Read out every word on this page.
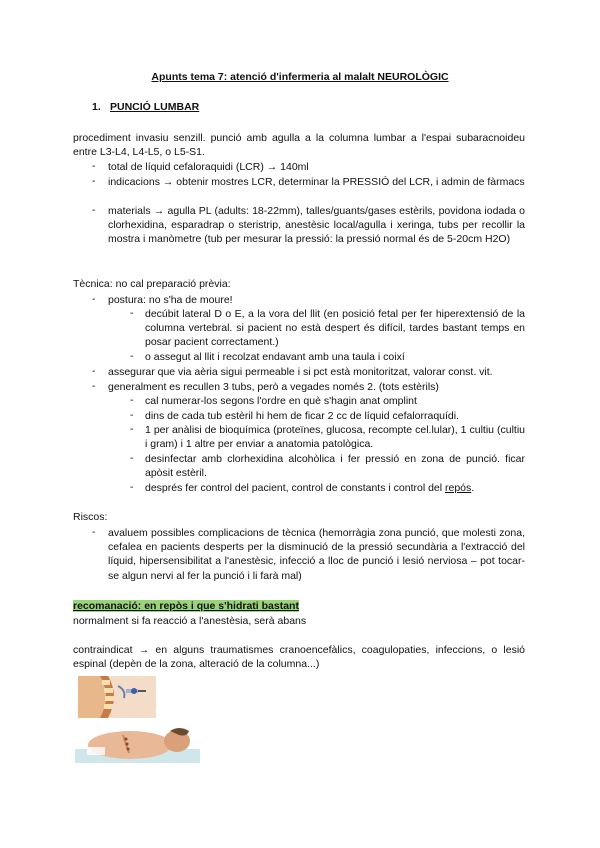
Apunts tema 7: atenció d'infermeria al malalt NEUROLÒGIC
1. PUNCIÓ LUMBAR
procediment invasiu senzill. punció amb agulla a la columna lumbar a l'espai subaracnoideu entre L3-L4, L4-L5, o L5-S1.
- total de líquid cefaloraquidi (LCR) → 140ml
- indicacions → obtenir mostres LCR, determinar la PRESSIÓ del LCR, i admin de fàrmacs
- materials → agulla PL (adults: 18-22mm), talles/guants/gases estèrils, povidona iodada o clorhexidina, esparadrap o steristrip, anestèsic local/agulla i xeringa, tubs per recollir la mostra i manòmetre (tub per mesurar la pressió: la pressió normal és de 5-20cm H2O)
Tècnica: no cal preparació prèvia:
- postura: no s'ha de moure!
- decúbit lateral D o E, a la vora del llit (en posició fetal per fer hiperextensió de la columna vertebral. si pacient no està despert és difícil, tardes bastant temps en posar pacient correctament.)
- o assegut al llit i recolzat endavant amb una taula i coixí
- assegurar que via aèria sigui permeable i si pct està monitoritzat, valorar const. vit.
- generalment es recullen 3 tubs, però a vegades només 2. (tots estèrils)
- cal numerar-los segons l'ordre en què s'hagin anat omplint
- dins de cada tub estèril hi hem de ficar 2 cc de líquid cefalorraquídi.
- 1 per anàlisi de bioquímica (proteïnes, glucosa, recompte cel.lular), 1 cultiu (cultiu i gram) i 1 altre per enviar a anatomia patològica.
- desinfectar amb clorhexidina alcohòlica i fer pressió en zona de punció. ficar apòsit estèril.
- després fer control del pacient, control de constants i control del repós.
Riscos:
- avaluem possibles complicacions de tècnica (hemorràgia zona punció, que molesti zona, cefalea en pacients desperts per la disminució de la pressió secundària a l'extracció del líquid, hipersensibilitat a l'anestèsic, infecció a lloc de punció i lesió nerviosa – pot tocar-se algun nervi al fer la punció i li farà mal)
recomanació: en repòs i que s'hidrati bastant
normalment si fa reacció a l'anestèsia, serà abans
contraindicat → en alguns traumatismes cranoencefàlics, coagulopaties, infeccions, o lesió espinal (depèn de la zona, alteració de la columna...)
